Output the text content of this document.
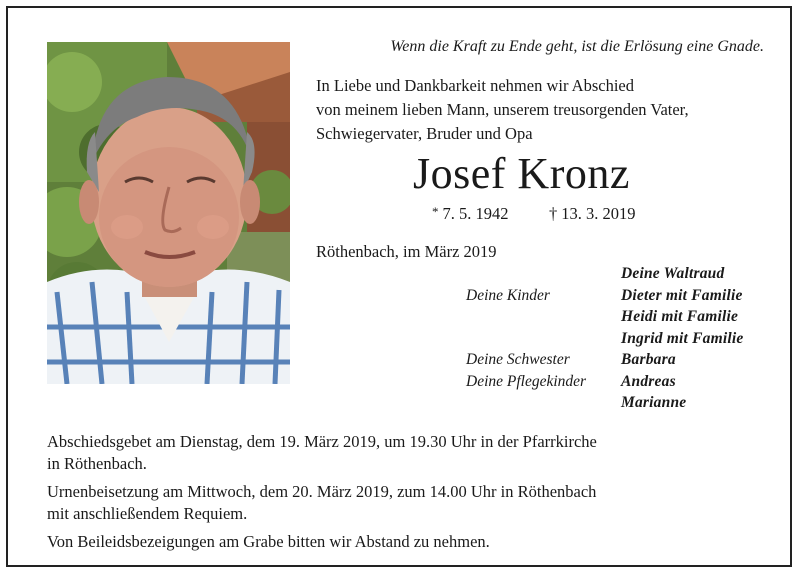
Wenn die Kraft zu Ende geht, ist die Erlösung eine Gnade.
In Liebe und Dankbarkeit nehmen wir Abschied
von meinem lieben Mann, unserem treusorgenden Vater,
Schwiegervater, Bruder und Opa
Josef Kronz
* 7. 5. 1942 † 13. 3. 2019
Röthenbach, im März 2019
Deine Waltraud
Deine Kinder	Dieter mit Familie
Heidi mit Familie
Ingrid mit Familie
Deine Schwester	Barbara
Deine Pflegekinder Andreas
Marianne

Abschiedsgebet am Dienstag, dem 19. März 2019, um 19.30 Uhr in der Pfarrkirche
in Röthenbach.

Urnenbeisetzung am Mittwoch, dem 20. März 2019, zum 14.00 Uhr in Röthenbach
mit anschließendem Requiem.

Von Beileidsbezeigungen am Grabe bitten wir Abstand zu nehmen.
